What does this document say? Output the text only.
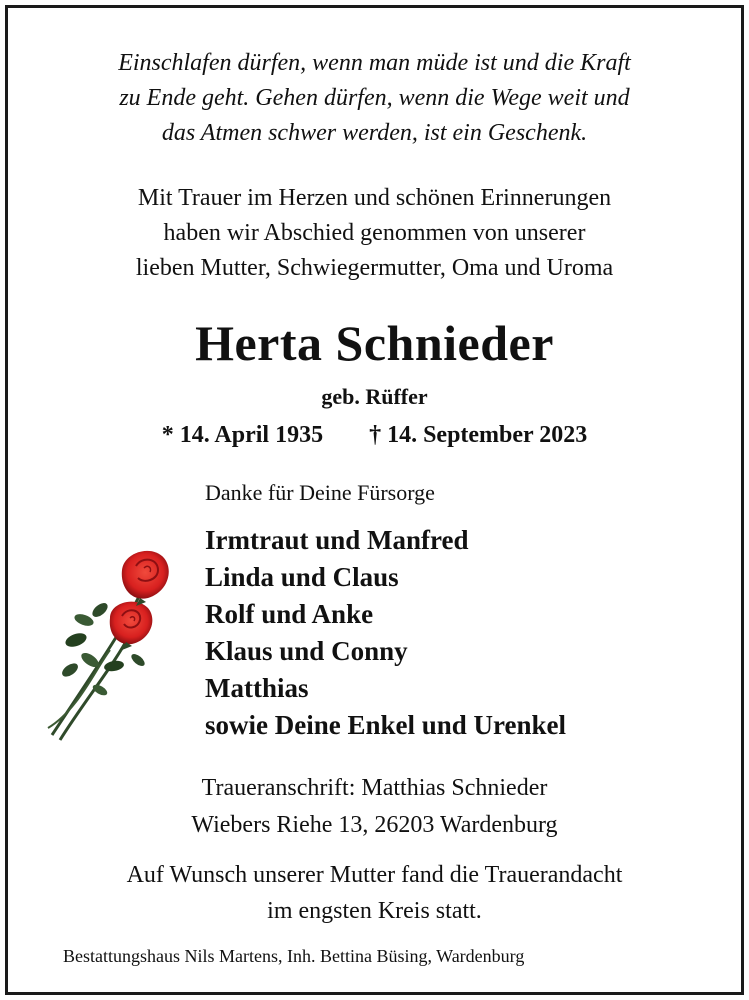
Einschlafen dürfen, wenn man müde ist und die Kraft
zu Ende geht. Gehen dürfen, wenn die Wege weit und
das Atmen schwer werden, ist ein Geschenk.
Mit Trauer im Herzen und schönen Erinnerungen
haben wir Abschied genommen von unserer
lieben Mutter, Schwiegermutter, Oma und Uroma
Herta Schnieder
geb. Rüffer
* 14. April 1935 † 14. September 2023
Danke für Deine Fürsorge
Irmtraut und Manfred
Linda und Claus
Rolf und Anke
Klaus und Conny
Matthias
sowie Deine Enkel und Urenkel
Traueranschrift: Matthias Schnieder
Wiebers Riehe 13, 26203 Wardenburg
Auf Wunsch unserer Mutter fand die Trauerandacht
im engsten Kreis statt.
Bestattungshaus Nils Martens, Inh. Bettina Büsing, Wardenburg
